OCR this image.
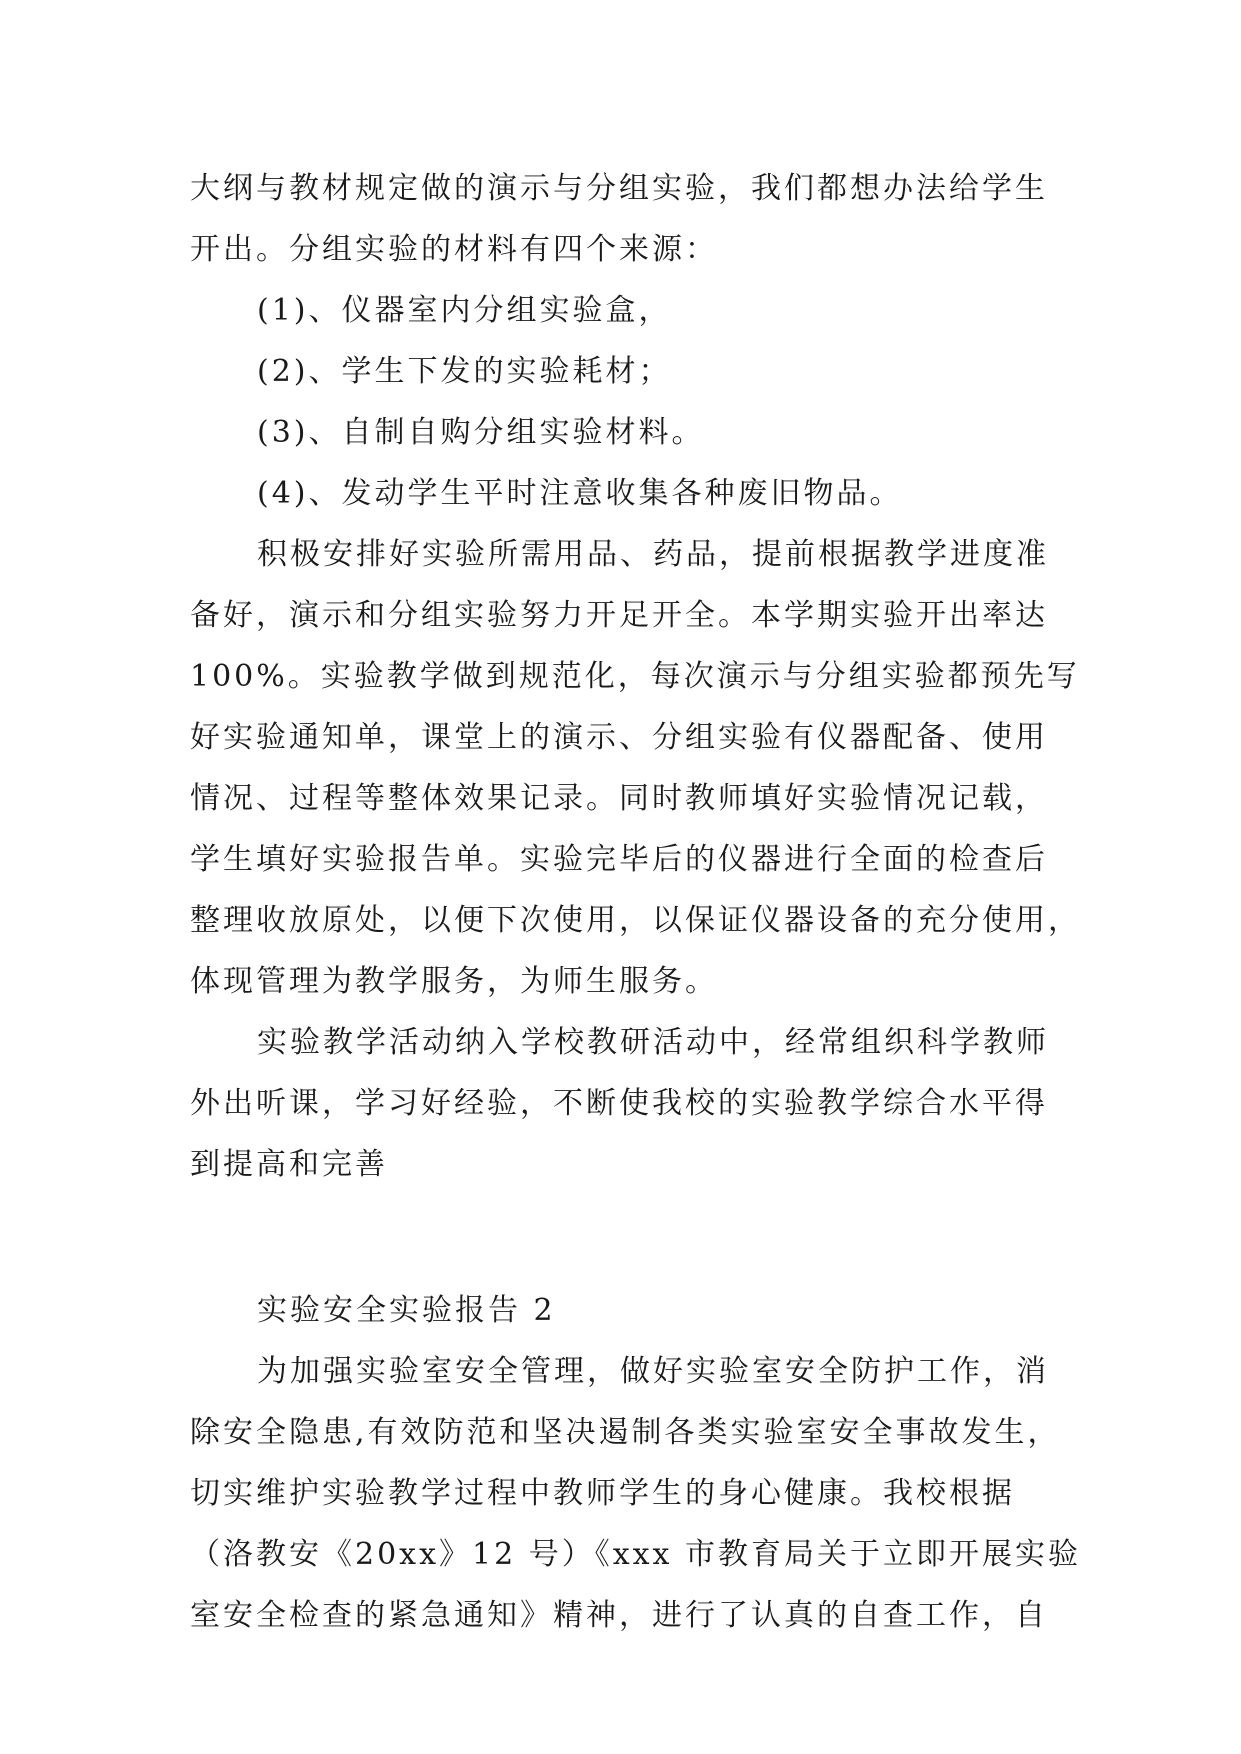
大纲与教材规定做的演示与分组实验，我们都想办法给学生
开出。分组实验的材料有四个来源：
(1)、仪器室内分组实验盒，
(2)、学生下发的实验耗材；
(3)、自制自购分组实验材料。
(4)、发动学生平时注意收集各种废旧物品。
积极安排好实验所需用品、药品，提前根据教学进度准
备好，演示和分组实验努力开足开全。本学期实验开出率达
100%。实验教学做到规范化，每次演示与分组实验都预先写
好实验通知单，课堂上的演示、分组实验有仪器配备、使用
情况、过程等整体效果记录。同时教师填好实验情况记载，
学生填好实验报告单。实验完毕后的仪器进行全面的检查后
整理收放原处，以便下次使用，以保证仪器设备的充分使用，
体现管理为教学服务，为师生服务。
实验教学活动纳入学校教研活动中，经常组织科学教师
外出听课，学习好经验，不断使我校的实验教学综合水平得
到提高和完善
实验安全实验报告 2
为加强实验室安全管理，做好实验室安全防护工作，消
除安全隐患,有效防范和坚决遏制各类实验室安全事故发生，
切实维护实验教学过程中教师学生的身心健康。我校根据
（洛教安《20xx》12 号）《xxx 市教育局关于立即开展实验
室安全检查的紧急通知》精神，进行了认真的自查工作，自
